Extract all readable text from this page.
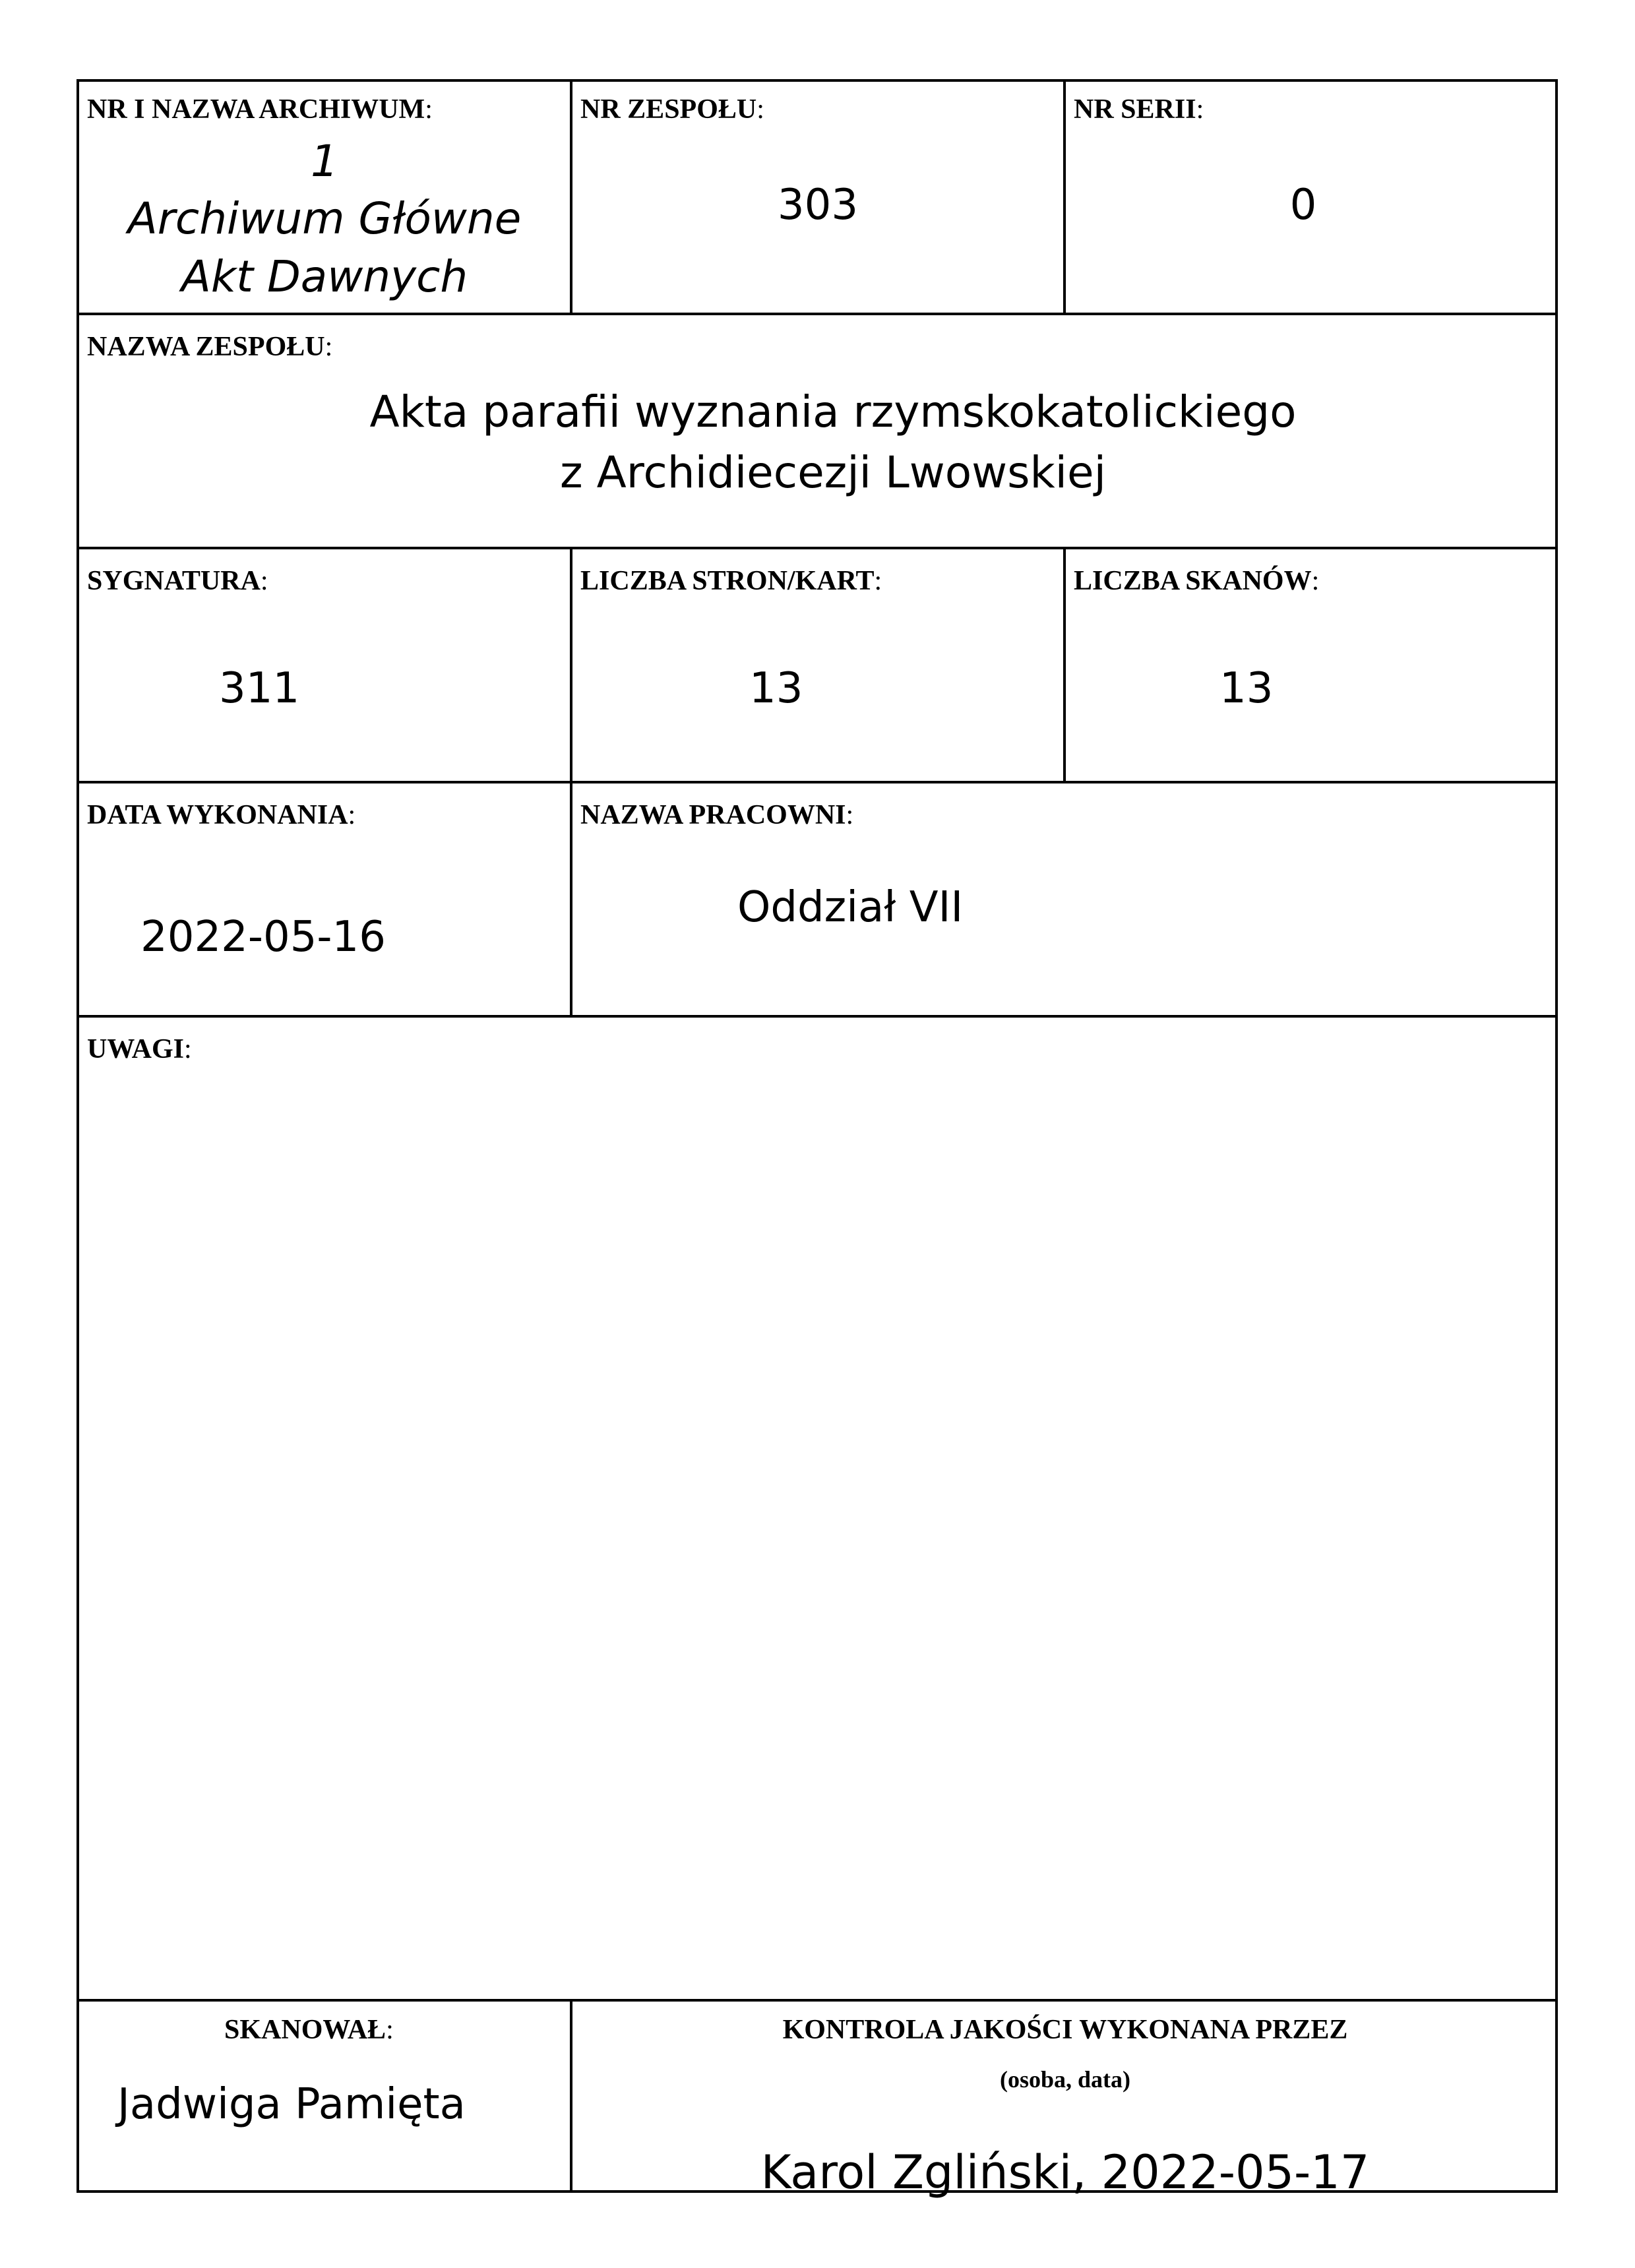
NR I NAZWA ARCHIWUM:
1
Archiwum Główne
Akt Dawnych
NR ZESPOŁU:
303
NR SERII:
0
NAZWA ZESPOŁU:
Akta parafii wyznania rzymskokatolickiego
z Archidiecezji Lwowskiej
SYGNATURA:
311
LICZBA STRON/KART:
13
LICZBA SKANÓW:
13
DATA WYKONANIA:
2022-05-16
NAZWA PRACOWNI:
Oddział VII
UWAGI:
SKANOWAŁ:
Jadwiga Pamięta
KONTROLA JAKOŚCI WYKONANA PRZEZ
(osoba, data)
Karol Zgliński, 2022-05-17
